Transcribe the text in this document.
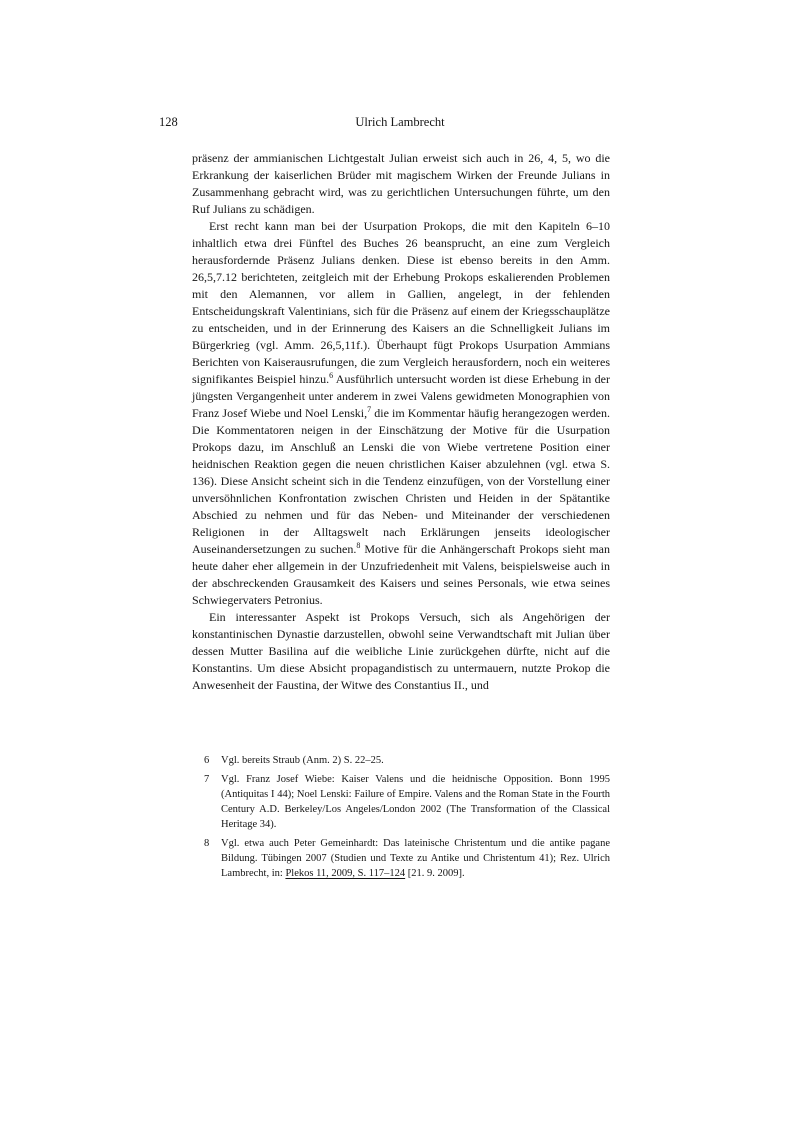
128	Ulrich Lambrecht

präsenz der ammianischen Lichtgestalt Julian erweist sich auch in 26, 4, 5, wo die Erkrankung der kaiserlichen Brüder mit magischem Wirken der Freunde Julians in Zusammenhang gebracht wird, was zu gerichtlichen Untersuchungen führte, um den Ruf Julians zu schädigen.

Erst recht kann man bei der Usurpation Prokops, die mit den Kapiteln 6–10 inhaltlich etwa drei Fünftel des Buches 26 beansprucht, an eine zum Vergleich herausfordernde Präsenz Julians denken. Diese ist ebenso bereits in den Amm. 26,5,7.12 berichteten, zeitgleich mit der Erhebung Prokops eskalierenden Problemen mit den Alemannen, vor allem in Gallien, angelegt, in der fehlenden Entscheidungskraft Valentinians, sich für die Präsenz auf einem der Kriegsschauplätze zu entscheiden, und in der Erinnerung des Kaisers an die Schnelligkeit Julians im Bürgerkrieg (vgl. Amm. 26,5,11f.). Überhaupt fügt Prokops Usurpation Ammians Berichten von Kaiserausrufungen, die zum Vergleich herausfordern, noch ein weiteres signifikantes Beispiel hinzu.$^6$ Ausführlich untersucht worden ist diese Erhebung in der jüngsten Vergangenheit unter anderem in zwei Valens gewidmeten Monographien von Franz Josef Wiebe und Noel Lenski,$^7$ die im Kommentar häufig herangezogen werden. Die Kommentatoren neigen in der Einschätzung der Motive für die Usurpation Prokops dazu, im Anschluß an Lenski die von Wiebe vertretene Position einer heidnischen Reaktion gegen die neuen christlichen Kaiser abzulehnen (vgl. etwa S. 136). Diese Ansicht scheint sich in die Tendenz einzufügen, von der Vorstellung einer unversöhnlichen Konfrontation zwischen Christen und Heiden in der Spätantike Abschied zu nehmen und für das Neben- und Miteinander der verschiedenen Religionen in der Alltagswelt nach Erklärungen jenseits ideologischer Auseinandersetzungen zu suchen.$^8$ Motive für die Anhängerschaft Prokops sieht man heute daher eher allgemein in der Unzufriedenheit mit Valens, beispielsweise auch in der abschreckenden Grausamkeit des Kaisers und seines Personals, wie etwa seines Schwiegervaters Petronius.

Ein interessanter Aspekt ist Prokops Versuch, sich als Angehörigen der konstantinischen Dynastie darzustellen, obwohl seine Verwandtschaft mit Julian über dessen Mutter Basilina auf die weibliche Linie zurückgehen dürfte, nicht auf die Konstantins. Um diese Absicht propagandistisch zu untermauern, nutzte Prokop die Anwesenheit der Faustina, der Witwe des Constantius II., und

6 Vgl. bereits Straub (Anm. 2) S. 22–25.
7 Vgl. Franz Josef Wiebe: Kaiser Valens und die heidnische Opposition. Bonn 1995 (Antiquitas I 44); Noel Lenski: Failure of Empire. Valens and the Roman State in the Fourth Century A.D. Berkeley/Los Angeles/London 2002 (The Transformation of the Classical Heritage 34).
8 Vgl. etwa auch Peter Gemeinhardt: Das lateinische Christentum und die antike pagane Bildung. Tübingen 2007 (Studien und Texte zu Antike und Christentum 41); Rez. Ulrich Lambrecht, in: Plekos 11, 2009, S. 117–124 [21. 9. 2009].
